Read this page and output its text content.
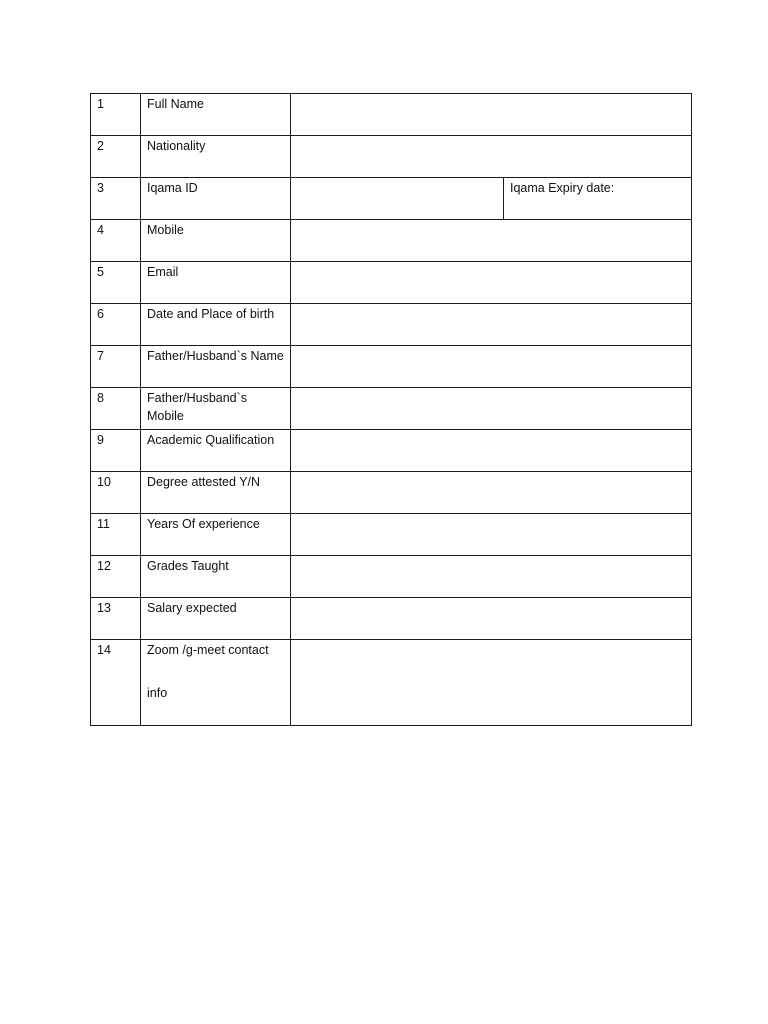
1	Full Name		
2	Nationality		
3	Iqama ID		Iqama Expiry date:
4	Mobile		
5	Email		
6	Date and Place of birth		
7	Father/Husband`s Name		
8	Father/Husband`s Mobile		
9	Academic Qualification		
10	Degree attested Y/N		
11	Years Of experience		
12	Grades Taught		
13	Salary expected		
14	Zoom /g-meet contact
info		
